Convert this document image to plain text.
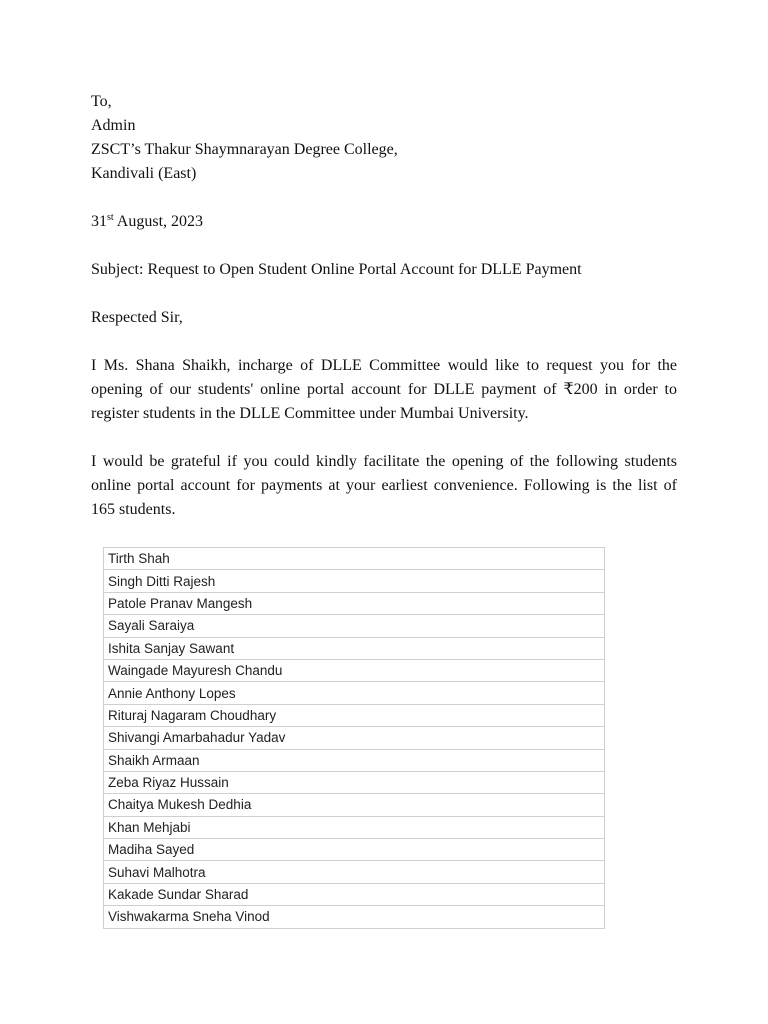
To,
Admin
ZSCT’s Thakur Shaymnarayan Degree College,
Kandivali (East)
31st August, 2023
Subject: Request to Open Student Online Portal Account for DLLE Payment
Respected Sir,
I Ms. Shana Shaikh, incharge of DLLE Committee would like to request you for the opening of our students' online portal account for DLLE payment of ₹200 in order to register students in the DLLE Committee under Mumbai University.
I would be grateful if you could kindly facilitate the opening of the following students online portal account for payments at your earliest convenience. Following is the list of 165 students.
Tirth Shah
Singh Ditti Rajesh
Patole Pranav Mangesh
Sayali Saraiya
Ishita Sanjay Sawant
Waingade Mayuresh Chandu
Annie Anthony Lopes
Rituraj Nagaram Choudhary
Shivangi Amarbahadur Yadav
Shaikh Armaan
Zeba Riyaz Hussain
Chaitya Mukesh Dedhia
Khan Mehjabi
Madiha Sayed
Suhavi Malhotra
Kakade Sundar Sharad
Vishwakarma Sneha Vinod
